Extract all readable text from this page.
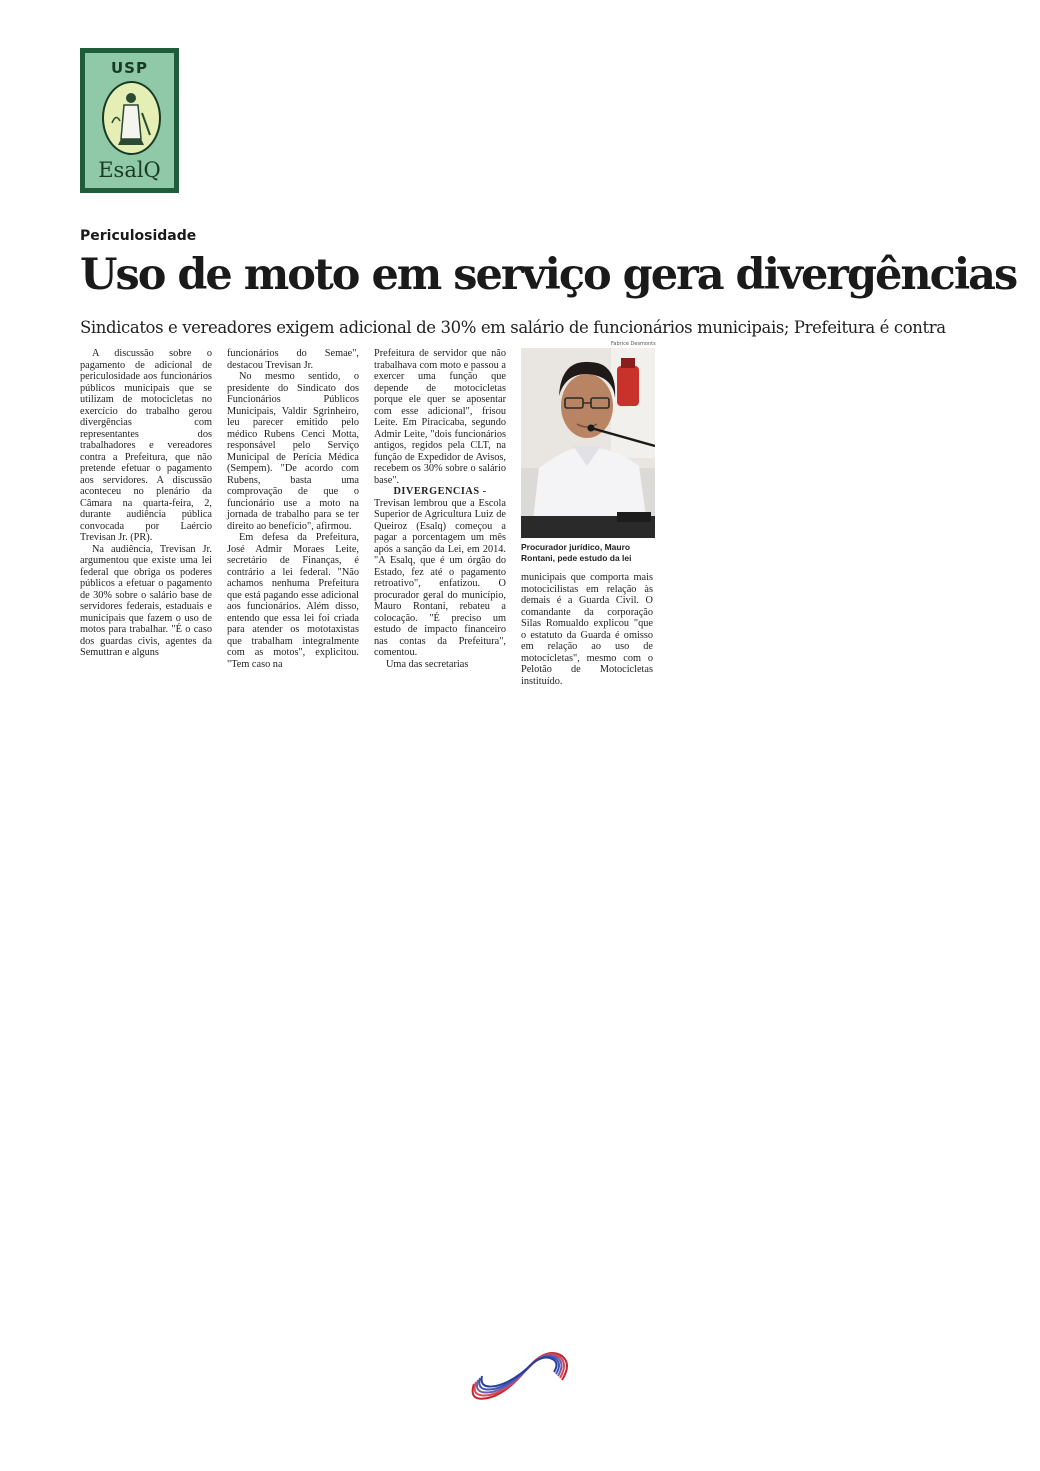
USP
EsalQ
Periculosidade
Uso de moto em serviço gera divergências
Sindicatos e vereadores exigem adicional de 30% em salário de funcionários municipais; Prefeitura é contra

A discussão sobre o pagamento de adicional de periculosidade aos funcionários públicos municipais que se utilizam de motocicletas no exercício do trabalho gerou divergências com representantes dos trabalhadores e vereadores contra a Prefeitura, que não pretende efetuar o pagamento aos servidores. A discussão aconteceu no plenário da Câmara na quarta-feira, 2, durante audiência pública convocada por Laércio Trevisan Jr. (PR).

Na audiência, Trevisan Jr. argumentou que existe uma lei federal que obriga os poderes públicos a efetuar o pagamento de 30% sobre o salário base de servidores federais, estaduais e municipais que fazem o uso de motos para trabalhar. "É o caso dos guardas civis, agentes da Semuttran e alguns

funcionários do Semae", destacou Trevisan Jr.

No mesmo sentido, o presidente do Sindicato dos Funcionários Públicos Municipais, Valdir Sgrinheiro, leu parecer emitido pelo médico Rubens Cenci Motta, responsável pelo Serviço Municipal de Perícia Médica (Sempem). "De acordo com Rubens, basta uma comprovação de que o funcionário use a moto na jornada de trabalho para se ter direito ao benefício", afirmou.

Em defesa da Prefeitura, José Admir Moraes Leite, secretário de Finanças, é contrário a lei federal. "Não achamos nenhuma Prefeitura que está pagando esse adicional aos funcionários. Além disso, entendo que essa lei foi criada para atender os mototaxistas que trabalham integralmente com as motos", explicitou. "Tem caso na

Prefeitura de servidor que não trabalhava com moto e passou a exercer uma função que depende de motocicletas porque ele quer se aposentar com esse adicional", frisou Leite. Em Piracicaba, segundo Admir Leite, "dois funcionários antigos, regidos pela CLT, na função de Expedidor de Avisos, recebem os 30% sobre o salário base".

DIVERGENCIAS -

Trevisan lembrou que a Escola Superior de Agricultura Luiz de Queiroz (Esalq) começou a pagar a porcentagem um mês após a sanção da Lei, em 2014. "A Esalq, que é um órgão do Estado, fez até o pagamento retroativo", enfatizou. O procurador geral do município, Mauro Rontani, rebateu a colocação. "É preciso um estudo de impacto financeiro nas contas da Prefeitura", comentou.

Uma das secretarias

Fabrice Desmonts
Procurador jurídico, Mauro Rontani, pede estudo da lei

municipais que comporta mais motocicilistas em relação às demais é a Guarda Civil. O comandante da corporação Silas Romualdo explicou "que o estatuto da Guarda é omisso em relação ao uso de motocicletas", mesmo com o Pelotão de Motocicletas instituído.
